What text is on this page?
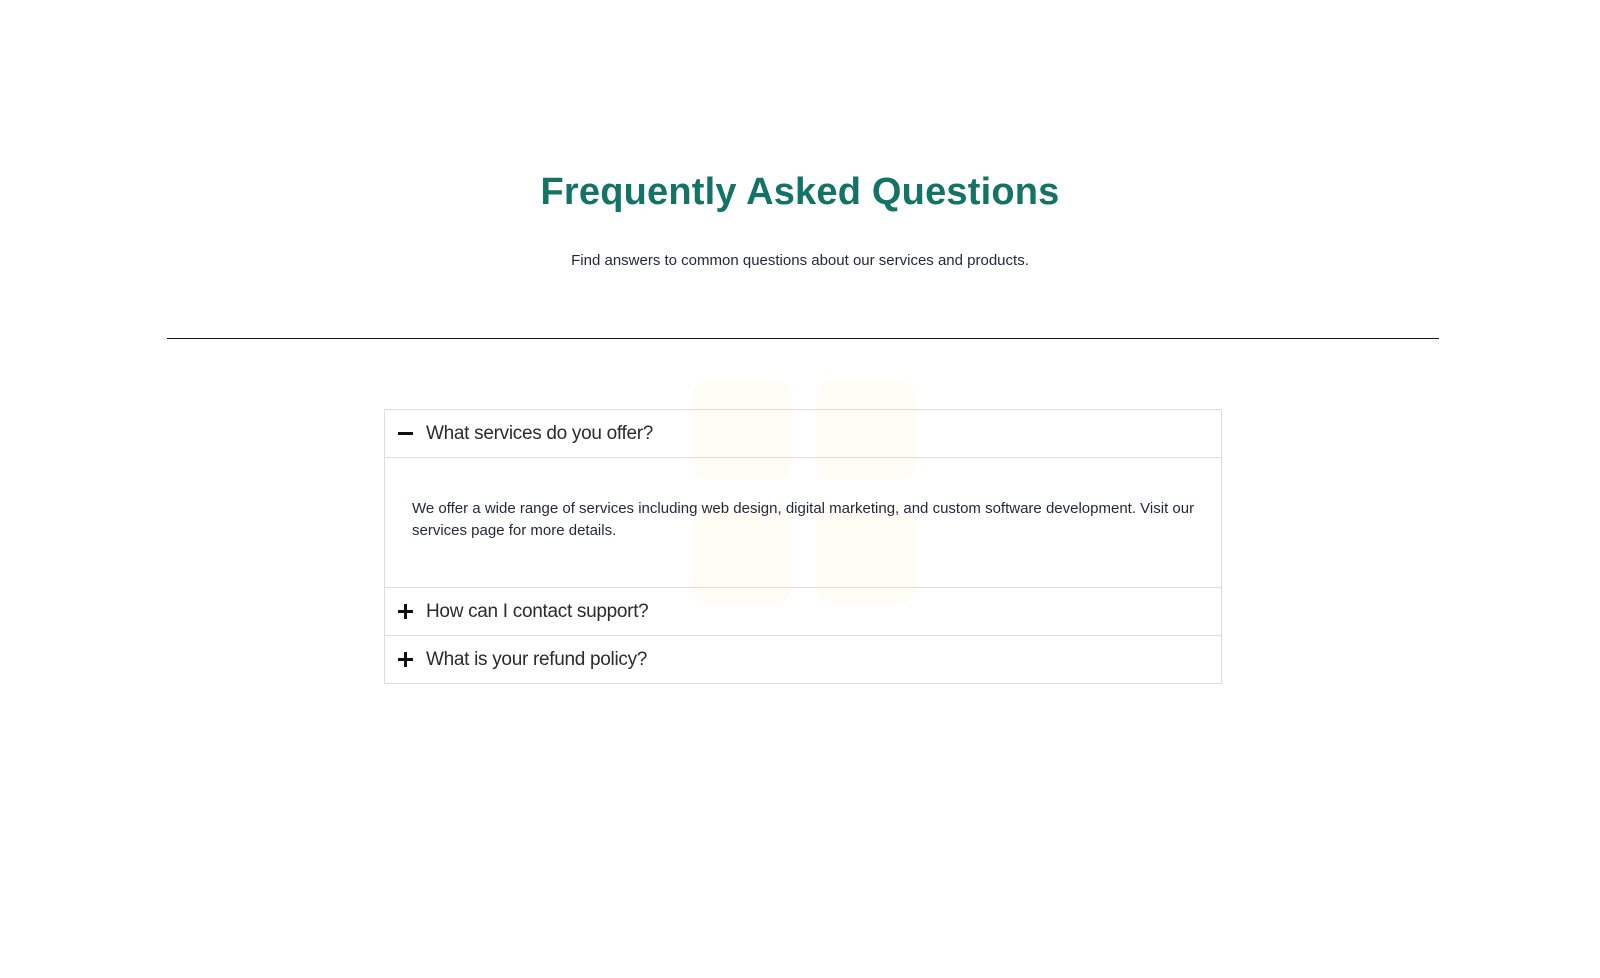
Frequently Asked Questions

Find answers to common questions about our services and products.

What services do you offer?

We offer a wide range of services including web design, digital marketing, and custom software development. Visit our services page for more details.

How can I contact support?
What is your refund policy?
